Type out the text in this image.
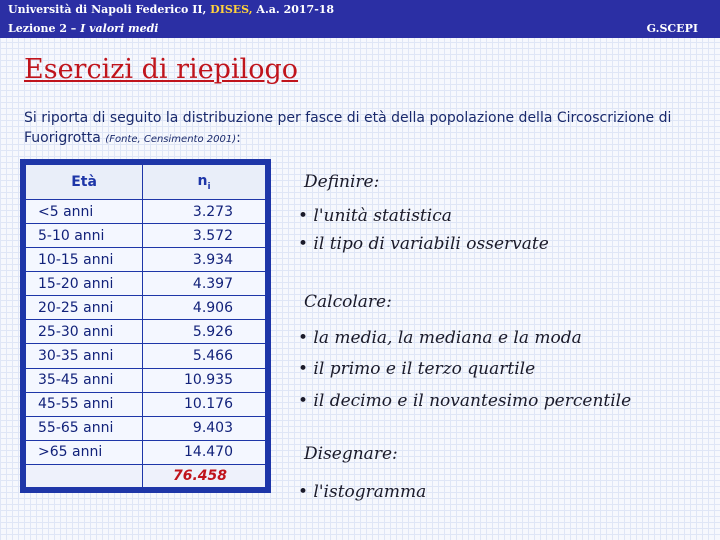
Università di Napoli Federico II, DISES, A.a. 2017-18
Lezione 2 – I valori medi	G.SCEPI
Esercizi di riepilogo
Si riporta di seguito la distribuzione per fasce di età della popolazione della Circoscrizione di Fuorigrotta (Fonte, Censimento 2001):
Età	$n_i$
<5 anni	3.273
5-10 anni	3.572
10-15 anni	3.934
15-20 anni	4.397
20-25 anni	4.906
25-30 anni	5.926
30-35 anni	5.466
35-45 anni	10.935
45-55 anni	10.176
55-65 anni	9.403
>65 anni	14.470
	76.458
Definire:
• l'unità statistica
• il tipo di variabili osservate
Calcolare:
• la media, la mediana e la moda
• il primo e il terzo quartile
• il decimo e il novantesimo percentile
Disegnare:
• l'istogramma
